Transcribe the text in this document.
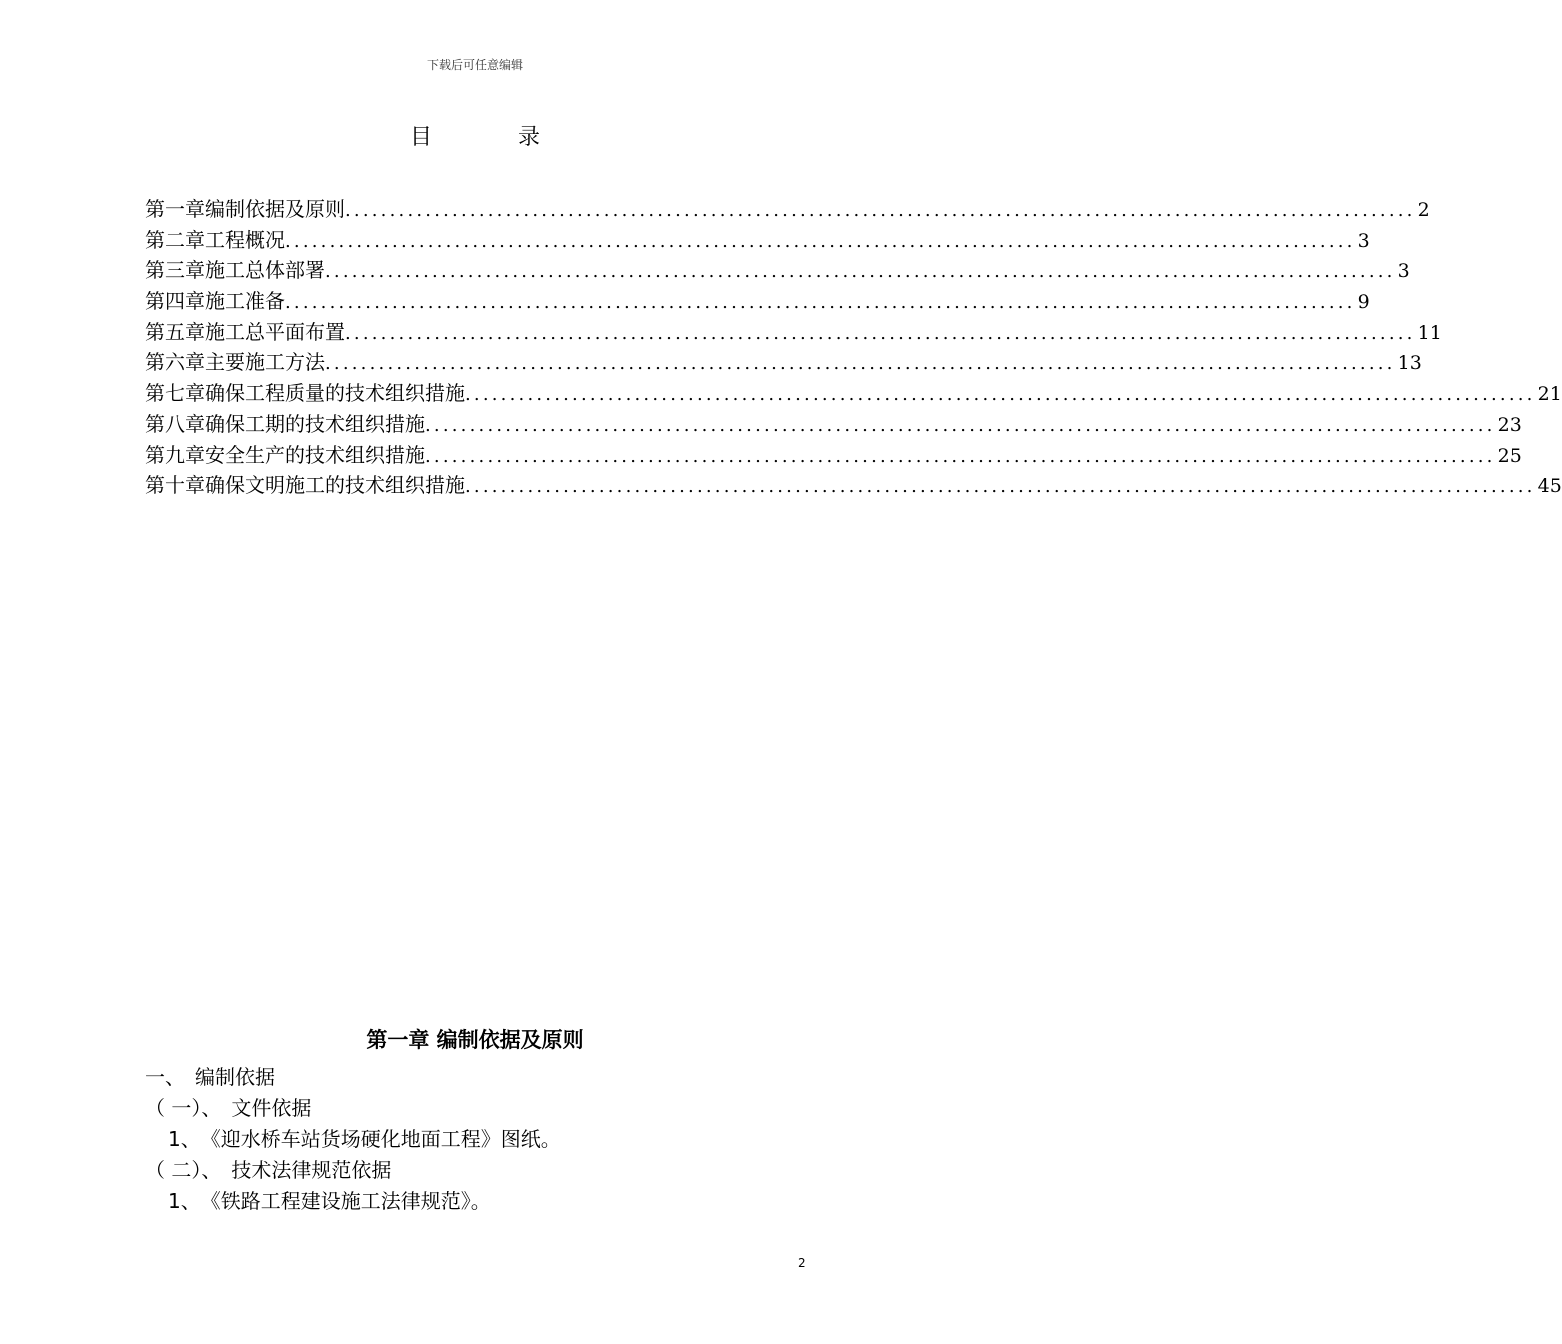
下载后可任意编辑
目	录
第一章 编制依据及原则 ........................................................................................................................ 2
第二章 工程概况 ........................................................................................................................ 3
第三章 施工总体部署 ........................................................................................................................ 3
第四章 施工准备 ........................................................................................................................ 9
第五章 施工总平面布置 ........................................................................................................................ 11
第六章 主要施工方法 ........................................................................................................................ 13
第七章 确保工程质量的技术组织措施 ........................................................................................................................ 21
第八章 确保工期的技术组织措施 ........................................................................................................................ 23
第九章 安全生产的技术组织措施 ........................................................................................................................ 25
第十章 确保文明施工的技术组织措施 ........................................................................................................................ 45
第一章 编制依据及原则
一、　编制依据
（ 一）、　文件依据
1、　《迎水桥车站货场硬化地面工程》图纸。
（ 二）、　技术法律规范依据
1、　《铁路工程建设施工法律规范》。
2
